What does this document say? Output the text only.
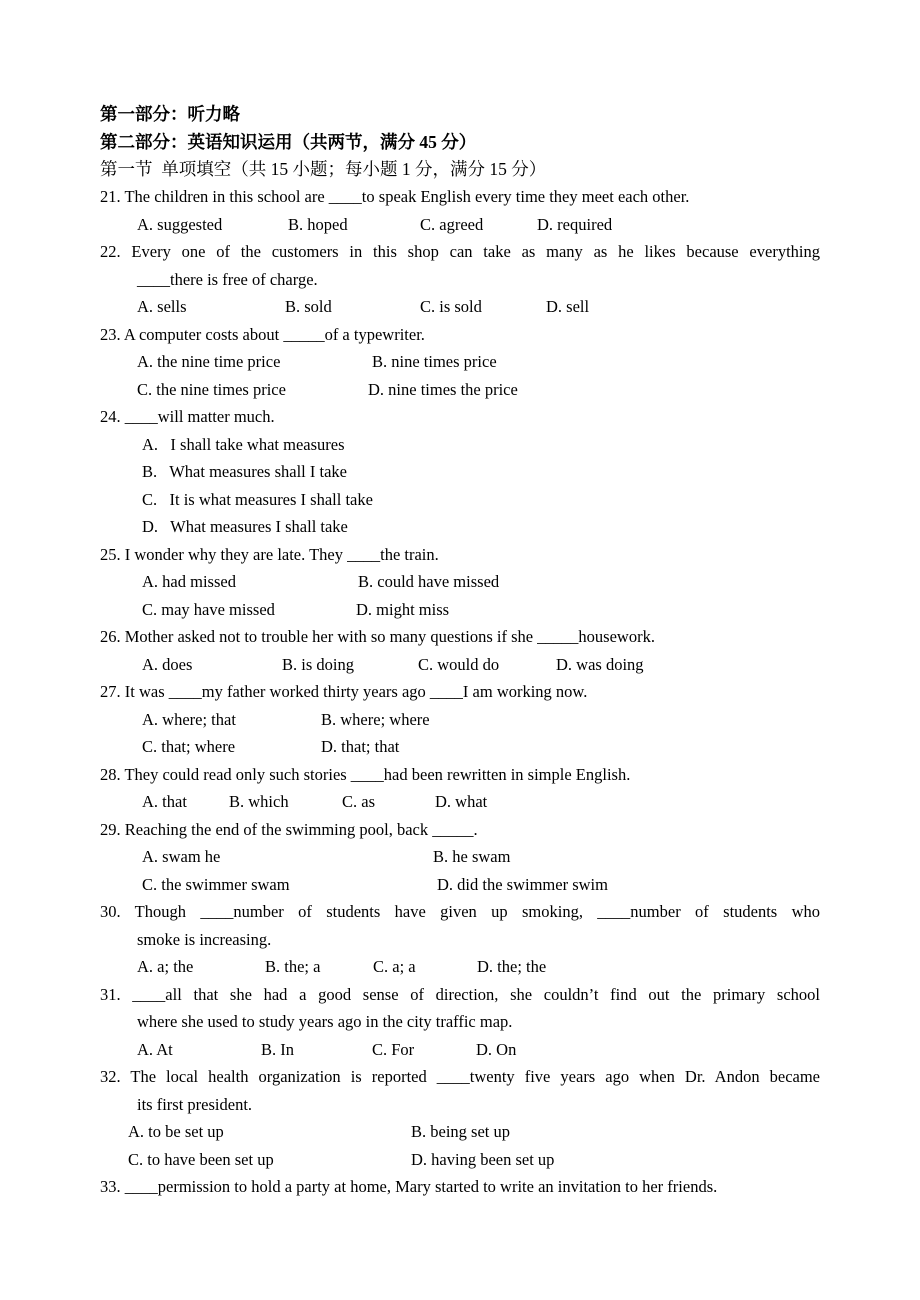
第一部分：听力略
第二部分：英语知识运用（共两节，满分 45 分）
第一节  单项填空（共 15 小题；每小题 1 分，满分 15 分）
21. The children in this school are ____to speak English every time they meet each other.
A. suggested	B. hoped	C. agreed	D. required
22. Every one of the customers in this shop can take as many as he likes because everything
____there is free of charge.
A. sells	B. sold	C. is sold	D. sell
23. A computer costs about _____of a typewriter.
A. the nine time price	B. nine times price
C. the nine times price	D. nine times the price
24. ____will matter much.
A.   I shall take what measures
B.   What measures shall I take
C.   It is what measures I shall take
D.   What measures I shall take
25. I wonder why they are late. They ____the train.
A. had missed	B. could have missed
C. may have missed	D. might miss
26. Mother asked not to trouble her with so many questions if she _____housework.
A. does	B. is doing	C. would do	D. was doing
27. It was ____my father worked thirty years ago ____I am working now.
A. where; that	B. where; where
C. that; where	D. that; that
28. They could read only such stories ____had been rewritten in simple English.
A. that	B. which	C. as	D. what
29. Reaching the end of the swimming pool, back _____.
A. swam he	B. he swam
C. the swimmer swam	D. did the swimmer swim
30. Though ____number of students have given up smoking, ____number of students who
smoke is increasing.
A. a; the	B. the; a	C. a; a	D. the; the
31. ____all that she had a good sense of direction, she couldn’t find out the primary school
where she used to study years ago in the city traffic map.
A. At	B. In	C. For	D. On
32. The local health organization is reported ____twenty five years ago when Dr. Andon became
its first president.
A. to be set up	B. being set up
C. to have been set up	D. having been set up
33. ____permission to hold a party at home, Mary started to write an invitation to her friends.
